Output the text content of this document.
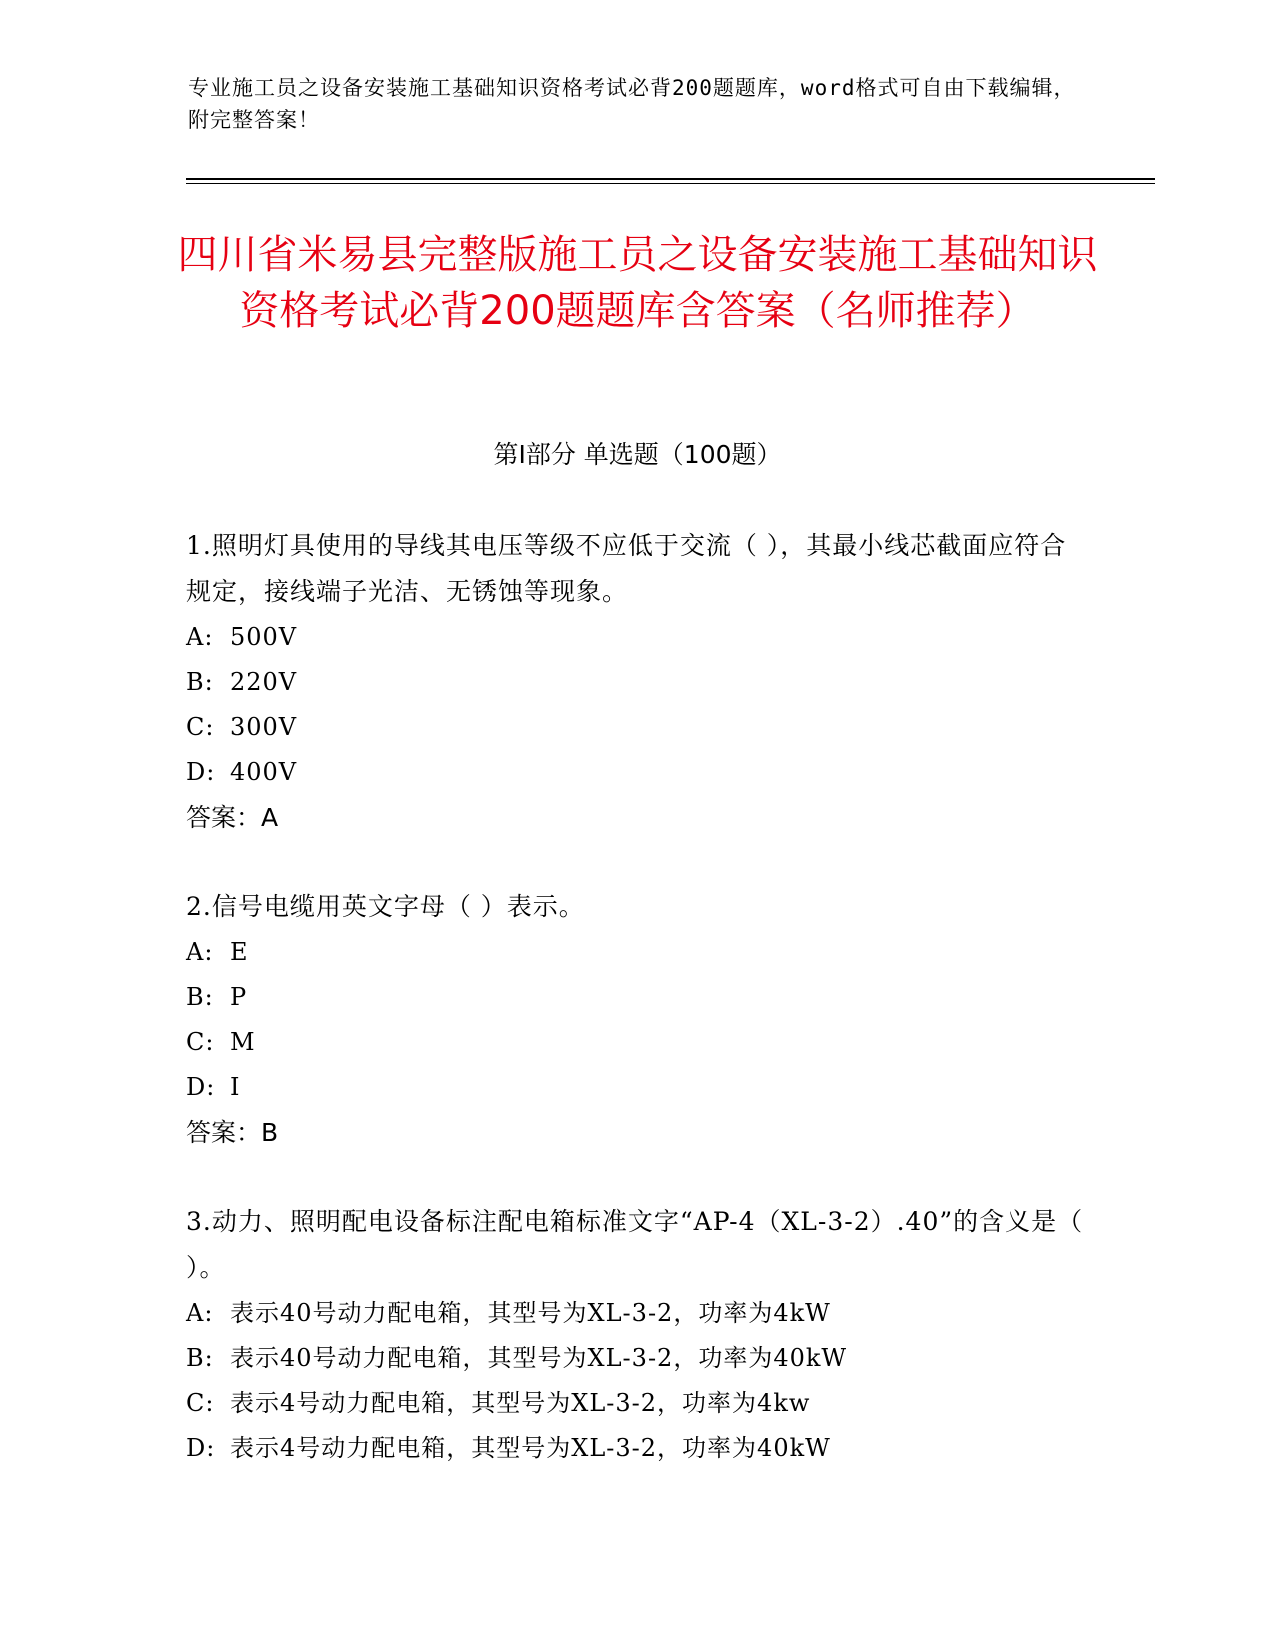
专业施工员之设备安装施工基础知识资格考试必背200题题库，word格式可自由下载编辑，附完整答案！
四川省米易县完整版施工员之设备安装施工基础知识资格考试必背200题题库含答案（名师推荐）
第Ⅰ部分 单选题（100题）

1.照明灯具使用的导线其电压等级不应低于交流（ ），其最小线芯截面应符合规定，接线端子光洁、无锈蚀等现象。

A: 500V

B: 220V

C: 300V

D: 400V

答案：A

2.信号电缆用英文字母（ ）表示。

A: E

B: P

C: M

D: I

答案：B

3.动力、照明配电设备标注配电箱标准文字“AP-4（XL-3-2）.40”的含义是（ ）。

A: 表示40号动力配电箱，其型号为XL-3-2，功率为4kW

B: 表示40号动力配电箱，其型号为XL-3-2，功率为40kW

C: 表示4号动力配电箱，其型号为XL-3-2，功率为4kw

D: 表示4号动力配电箱，其型号为XL-3-2，功率为40kW
